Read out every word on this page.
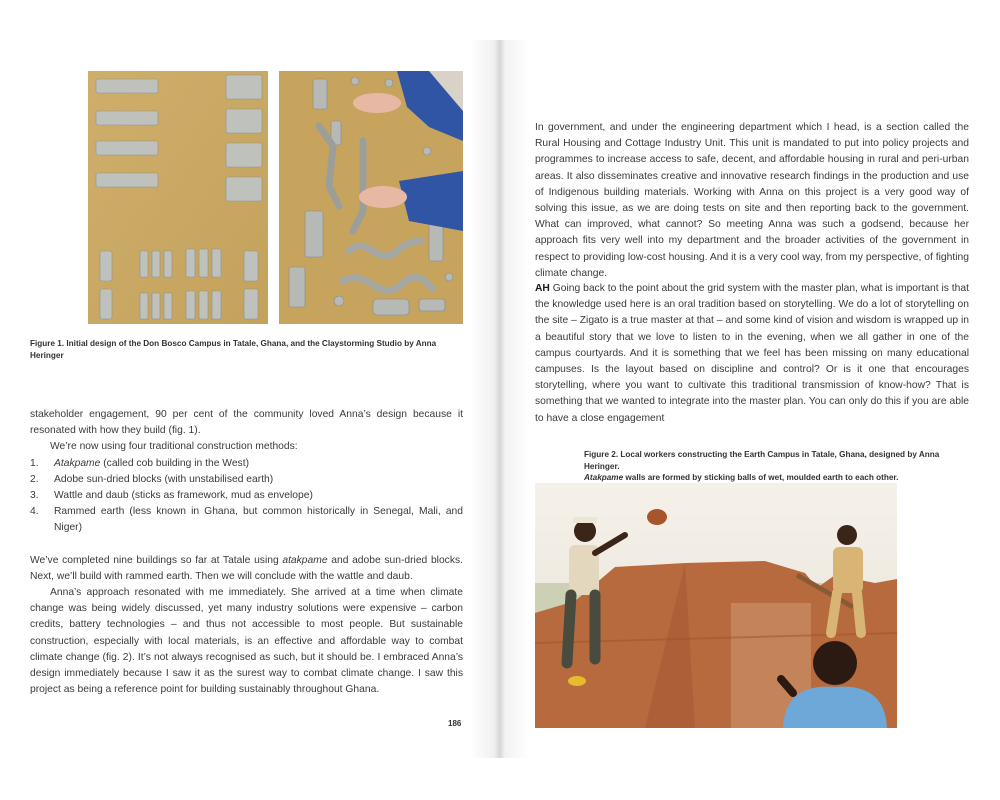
Figure 1. Initial design of the Don Bosco Campus in Tatale, Ghana, and the Claystorming Studio by Anna Heringer

stakeholder engagement, 90 per cent of the community loved Anna’s design because it resonated with how they build (fig. 1).

We’re now using four traditional construction methods:

1.	Atakpame (called cob building in the West)
2.	Adobe sun-dried blocks (with unstabilised earth)
3.	Wattle and daub (sticks as framework, mud as envelope)
4.	Rammed earth (less known in Ghana, but common historically in Senegal, Mali, and Niger)

We’ve completed nine buildings so far at Tatale using atakpame and adobe sun-dried blocks. Next, we’ll build with rammed earth. Then we will conclude with the wattle and daub.

Anna’s approach resonated with me immediately. She arrived at a time when climate change was being widely discussed, yet many industry solutions were expensive – carbon credits, battery technologies – and thus not accessible to most people. But sustainable construction, especially with local materials, is an effective and affordable way to combat climate change (fig. 2). It’s not always recognised as such, but it should be. I embraced Anna’s design immediately because I saw it as the surest way to combat climate change. I saw this project as being a reference point for building sustainably throughout Ghana.

186

In government, and under the engineering department which I head, is a section called the Rural Housing and Cottage Industry Unit. This unit is mandated to put into policy projects and programmes to increase access to safe, decent, and affordable housing in rural and peri-urban areas. It also disseminates creative and innovative research findings in the production and use of Indigenous building materials. Working with Anna on this project is a very good way of solving this issue, as we are doing tests on site and then reporting back to the government. What can improved, what cannot? So meeting Anna was such a godsend, because her approach fits very well into my department and the broader activities of the government in respect to providing low-cost housing. And it is a very cool way, from my perspective, of fighting climate change.

AH Going back to the point about the grid system with the master plan, what is important is that the knowledge used here is an oral tradition based on storytelling. We do a lot of storytelling on the site – Zigato is a true master at that – and some kind of vision and wisdom is wrapped up in a beautiful story that we love to listen to in the evening, when we all gather in one of the campus courtyards. And it is something that we feel has been missing on many educational campuses. Is the layout based on discipline and control? Or is it one that encourages storytelling, where you want to cultivate this traditional transmission of know-how? That is something that we wanted to integrate into the master plan. You can only do this if you are able to have a close engagement

Figure 2. Local workers constructing the Earth Campus in Tatale, Ghana, designed by Anna Heringer.
Atakpame walls are formed by sticking balls of wet, moulded earth to each other.
